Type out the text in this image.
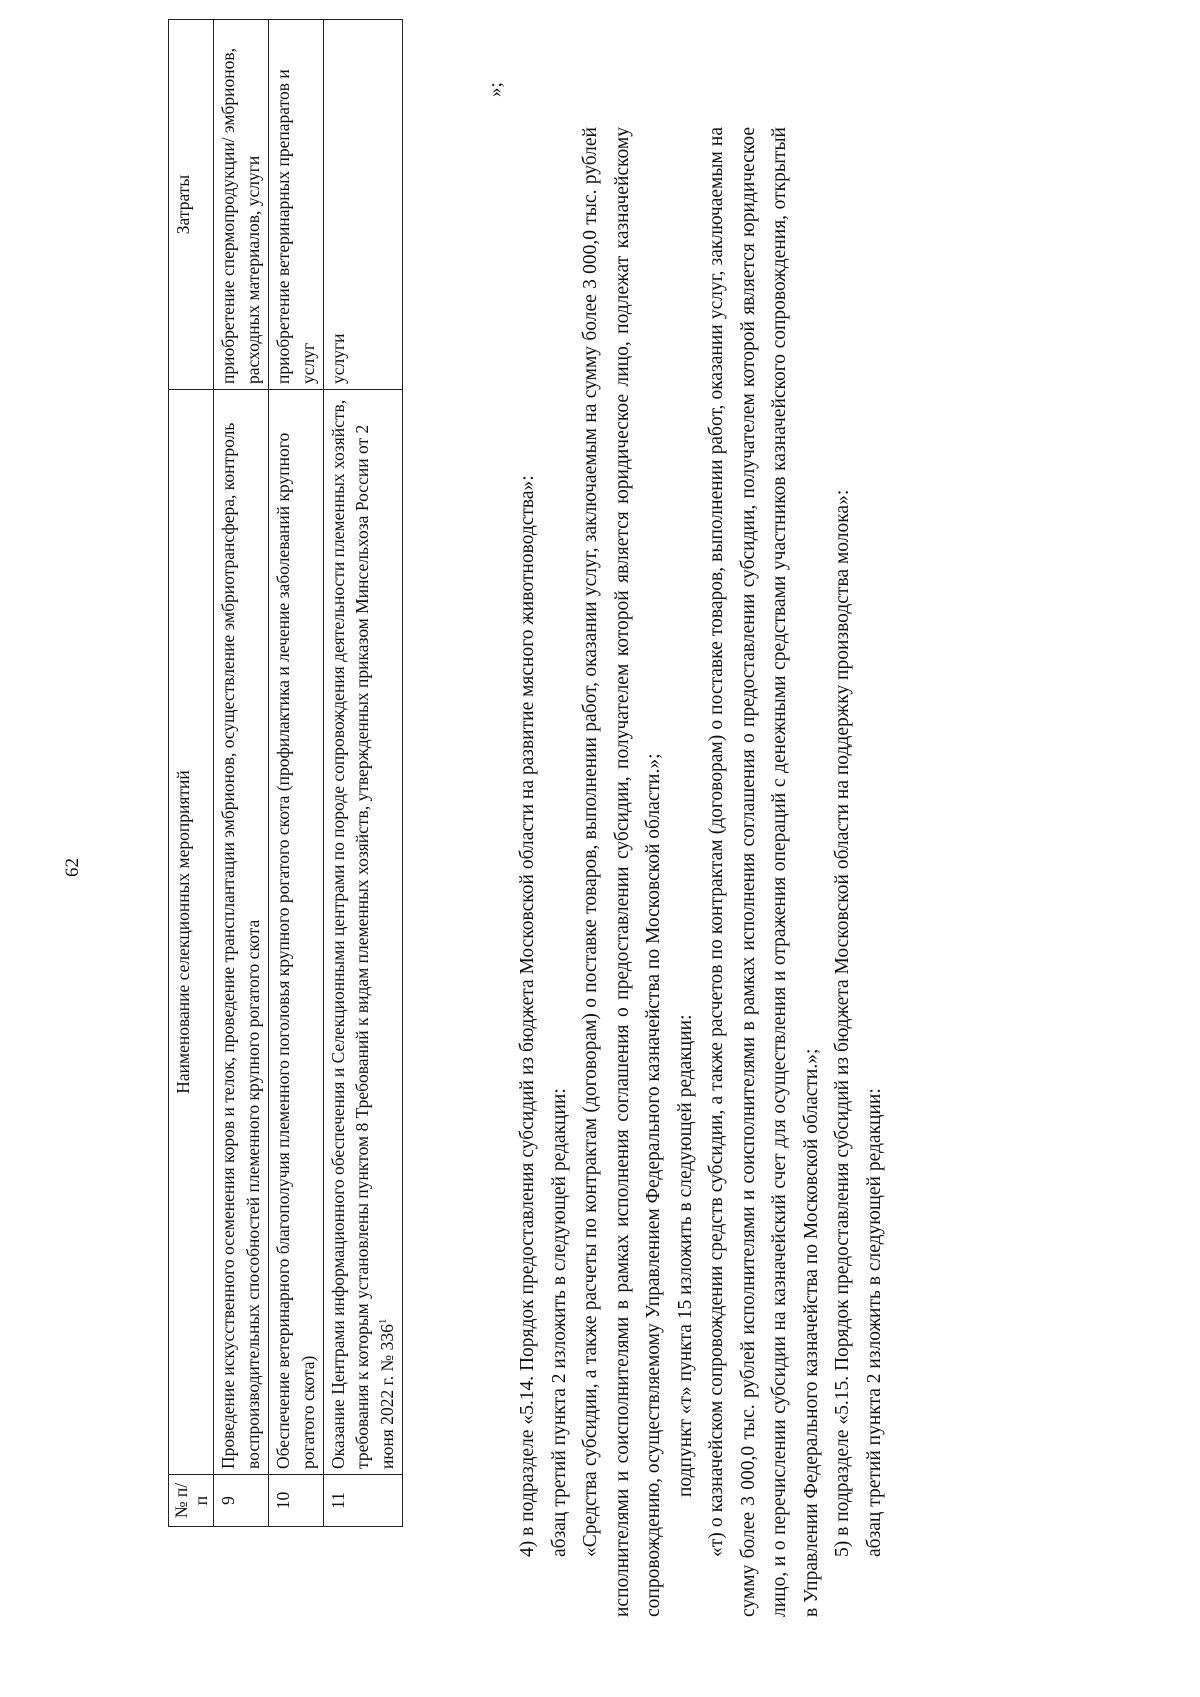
62
№ п/п	Наименование селекционных мероприятий	Затраты
9	Проведение искусственного осеменения коров и телок, проведение трансплантации эмбрионов, осуществление эмбриотрансфера, контроль воспроизводительных способностей племенного крупного рогатого скота	приобретение спермопродукции/ эмбрионов, расходных материалов, услуги
10	Обеспечение ветеринарного благополучия племенного поголовья крупного рогатого скота (профилактика и лечение заболеваний крупного рогатого скота)	приобретение ветеринарных препаратов и услуг
11	Оказание Центрами информационного обеспечения и Селекционными центрами по породе сопровождения деятельности племенных хозяйств, требования к которым установлены пунктом 8 Требований к видам племенных хозяйств, утвержденных приказом Минсельхоза России от 2 июня 2022 г. № $336^1$	услуги
»;

4) в подразделе «5.14. Порядок предоставления субсидий из бюджета Московской области на развитие мясного животноводства»: абзац третий пункта 2 изложить в следующей редакции: «Средства субсидии, а также расчеты по контрактам (договорам) о поставке товаров, выполнении работ, оказании услуг, заключаемым на сумму более 3 000,0 тыс. рублей исполнителями и соисполнителями в рамках исполнения соглашения о предоставлении субсидии, получателем которой является юридическое лицо, подлежат казначейскому сопровождению, осуществляемому Управлением Федерального казначейства по Московской области.»; подпункт «т» пункта 15 изложить в следующей редакции: «т) о казначейском сопровождении средств субсидии, а также расчетов по контрактам (договорам) о поставке товаров, выполнении работ, оказании услуг, заключаемым на сумму более 3 000,0 тыс. рублей исполнителями и соисполнителями в рамках исполнения соглашения о предоставлении субсидии, получателем которой является юридическое лицо, и о перечислении субсидии на казначейский счет для осуществления и отражения операций с денежными средствами участников казначейского сопровождения, открытый в Управлении Федерального казначейства по Московской области.»; 5) в подразделе «5.15. Порядок предоставления субсидий из бюджета Московской области на поддержку производства молока»: абзац третий пункта 2 изложить в следующей редакции:
